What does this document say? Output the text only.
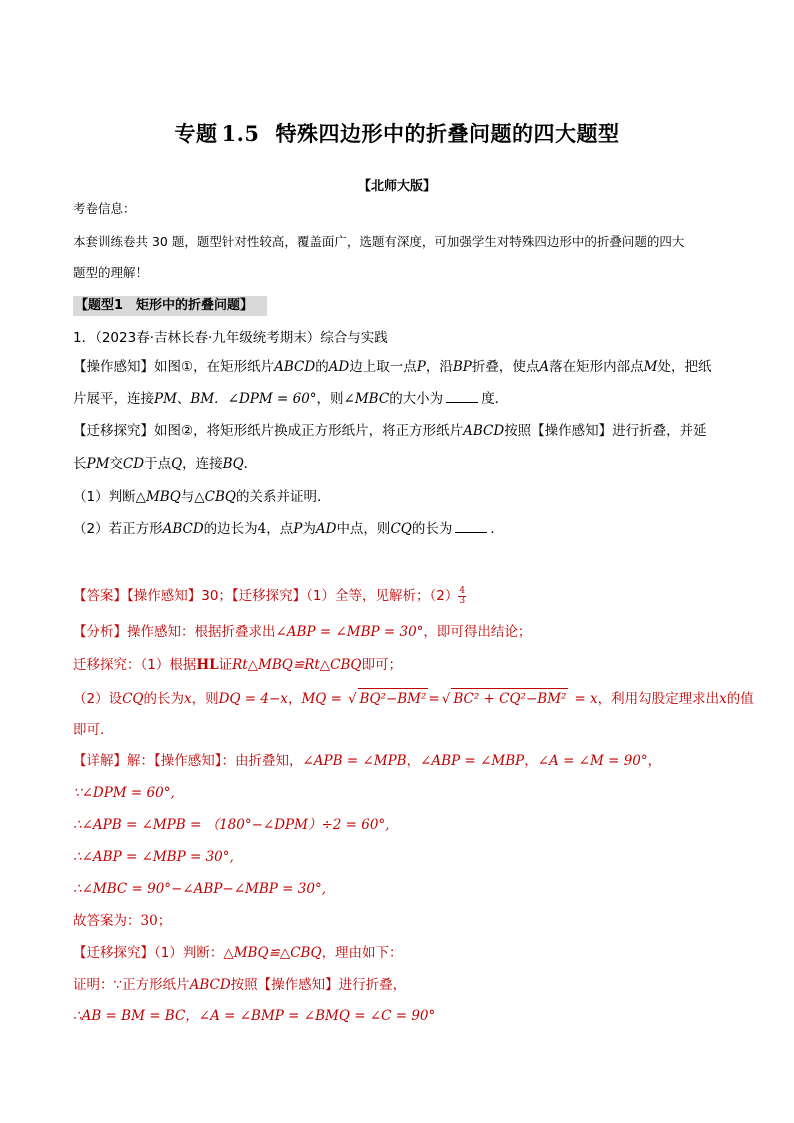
专题 1.5 特殊四边形中的折叠问题的四大题型
【北师大版】
考卷信息：
本套训练卷共 30 题，题型针对性较高，覆盖面广，选题有深度，可加强学生对特殊四边形中的折叠问题的四大
题型的理解！
【题型1　矩形中的折叠问题】
1．（2023春·吉林长春·九年级统考期末）综合与实践
【操作感知】如图①，在矩形纸片ABCD的AD边上取一点P，沿BP折叠，使点A落在矩形内部点M处，把纸
片展平，连接PM、BM．∠DPM = 60°，则∠MBC的大小为	度．
【迁移探究】如图②，将矩形纸片换成正方形纸片，将正方形纸片ABCD按照【操作感知】进行折叠，并延
长PM交CD于点Q，连接BQ．
（1）判断△MBQ与△CBQ的关系并证明．
（2）若正方形ABCD的边长为4，点P为AD中点，则CQ的长为	．
【答案】【操作感知】30；【迁移探究】（1）全等，见解析；$(2) \frac{4}{3}$
【分析】操作感知：根据折叠求出∠ABP = ∠MBP = 30°，即可得出结论；
迁移探究：（1）根据HL证Rt△MBQ≌Rt△CBQ即可；
（2）设CQ的长为x，则DQ = 4−x，MQ = √ BQ²−BM² = √ BC² + CQ²−BM² = x，利用勾股定理求出x的值
即可．
【详解】解：【操作感知】：由折叠知，∠APB = ∠MPB，∠ABP = ∠MBP，∠A = ∠M = 90°，
∵∠DPM = 60°,
∴∠APB = ∠MPB = （180°−∠DPM）÷2 = 60°,
∴∠ABP = ∠MBP = 30°,
∴∠MBC = 90°−∠ABP−∠MBP = 30°,
故答案为：30；
【迁移探究】（1）判断：△MBQ≌△CBQ，理由如下：
证明：∵正方形纸片ABCD按照【操作感知】进行折叠，
∴AB = BM = BC，∠A = ∠BMP = ∠BMQ = ∠C = 90°
